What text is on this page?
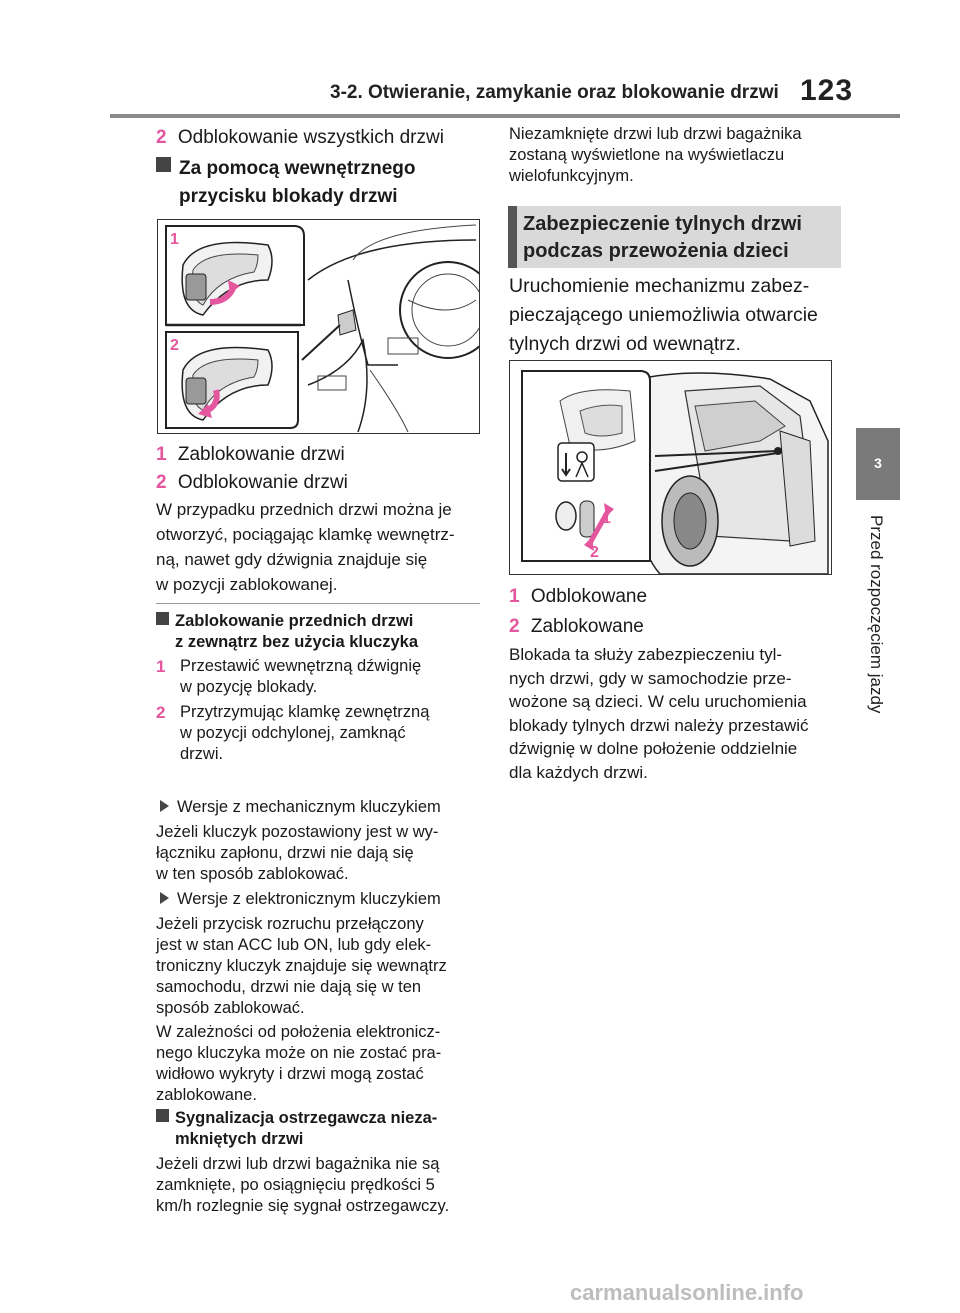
3-2. Otwieranie, zamykanie oraz blokowanie drzwi 123
3
Przed rozpoczęciem jazdy
2 Odblokowanie wszystkich drzwi
Za pomocą wewnętrznego
przycisku blokady drzwi
1
2
1 Zablokowanie drzwi
2 Odblokowanie drzwi
W przypadku przednich drzwi można je
otworzyć, pociągając klamkę wewnętrz-
ną, nawet gdy dźwignia znajduje się
w pozycji zablokowanej.
Zablokowanie przednich drzwi
z zewnątrz bez użycia kluczyka
1 Przestawić wewnętrzną dźwignię
w pozycję blokady.
2 Przytrzymując klamkę zewnętrzną
w pozycji odchylonej, zamknąć
drzwi.
Wersje z mechanicznym kluczykiem
Jeżeli kluczyk pozostawiony jest w wy-
łączniku zapłonu, drzwi nie dają się
w ten sposób zablokować.
Wersje z elektronicznym kluczykiem
Jeżeli przycisk rozruchu przełączony
jest w stan ACC lub ON, lub gdy elek-
troniczny kluczyk znajduje się wewnątrz
samochodu, drzwi nie dają się w ten
sposób zablokować.
W zależności od położenia elektronicz-
nego kluczyka może on nie zostać pra-
widłowo wykryty i drzwi mogą zostać
zablokowane.
Sygnalizacja ostrzegawcza nieza-
mkniętych drzwi
Jeżeli drzwi lub drzwi bagażnika nie są
zamknięte, po osiągnięciu prędkości 5
km/h rozlegnie się sygnał ostrzegawczy.
Niezamknięte drzwi lub drzwi bagażnika
zostaną wyświetlone na wyświetlaczu
wielofunkcyjnym.
Zabezpieczenie tylnych drzwi
podczas przewożenia dzieci
Uruchomienie mechanizmu zabez-
pieczającego uniemożliwia otwarcie
tylnych drzwi od wewnątrz.
1
2
1 Odblokowane
2 Zablokowane
Blokada ta służy zabezpieczeniu tyl-
nych drzwi, gdy w samochodzie prze-
wożone są dzieci. W celu uruchomienia
blokady tylnych drzwi należy przestawić
dźwignię w dolne położenie oddzielnie
dla każdych drzwi.
carmanualsonline.info
